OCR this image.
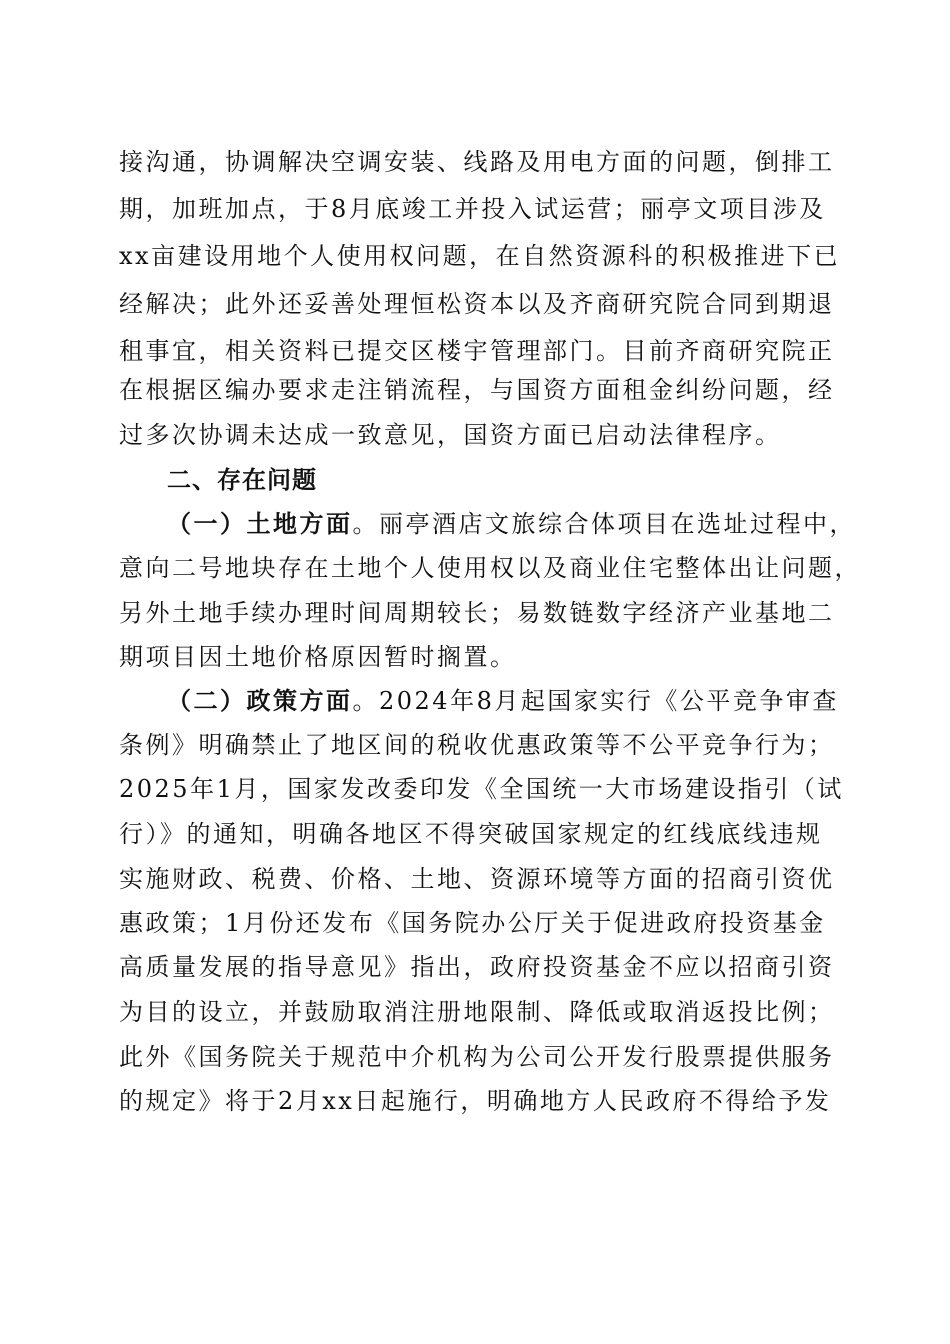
接沟通，协调解决空调安装、线路及用电方面的问题，倒排工
期，加班加点，于8月底竣工并投入试运营；丽亭文项目涉及
xx亩建设用地个人使用权问题，在自然资源科的积极推进下已
经解决；此外还妥善处理恒松资本以及齐商研究院合同到期退
租事宜，相关资料已提交区楼宇管理部门。目前齐商研究院正
在根据区编办要求走注销流程，与国资方面租金纠纷问题，经
过多次协调未达成一致意见，国资方面已启动法律程序。
二、存在问题
（一）土地方面。丽亭酒店文旅综合体项目在选址过程中，
意向二号地块存在土地个人使用权以及商业住宅整体出让问题，
另外土地手续办理时间周期较长；易数链数字经济产业基地二
期项目因土地价格原因暂时搁置。
（二）政策方面。2024年8月起国家实行《公平竞争审查
条例》明确禁止了地区间的税收优惠政策等不公平竞争行为；
2025年1月，国家发改委印发《全国统一大市场建设指引（试
行）》的通知，明确各地区不得突破国家规定的红线底线违规
实施财政、税费、价格、土地、资源环境等方面的招商引资优
惠政策；1月份还发布《国务院办公厅关于促进政府投资基金
高质量发展的指导意见》指出，政府投资基金不应以招商引资
为目的设立，并鼓励取消注册地限制、降低或取消返投比例；
此外《国务院关于规范中介机构为公司公开发行股票提供服务
的规定》将于2月xx日起施行，明确地方人民政府不得给予发
